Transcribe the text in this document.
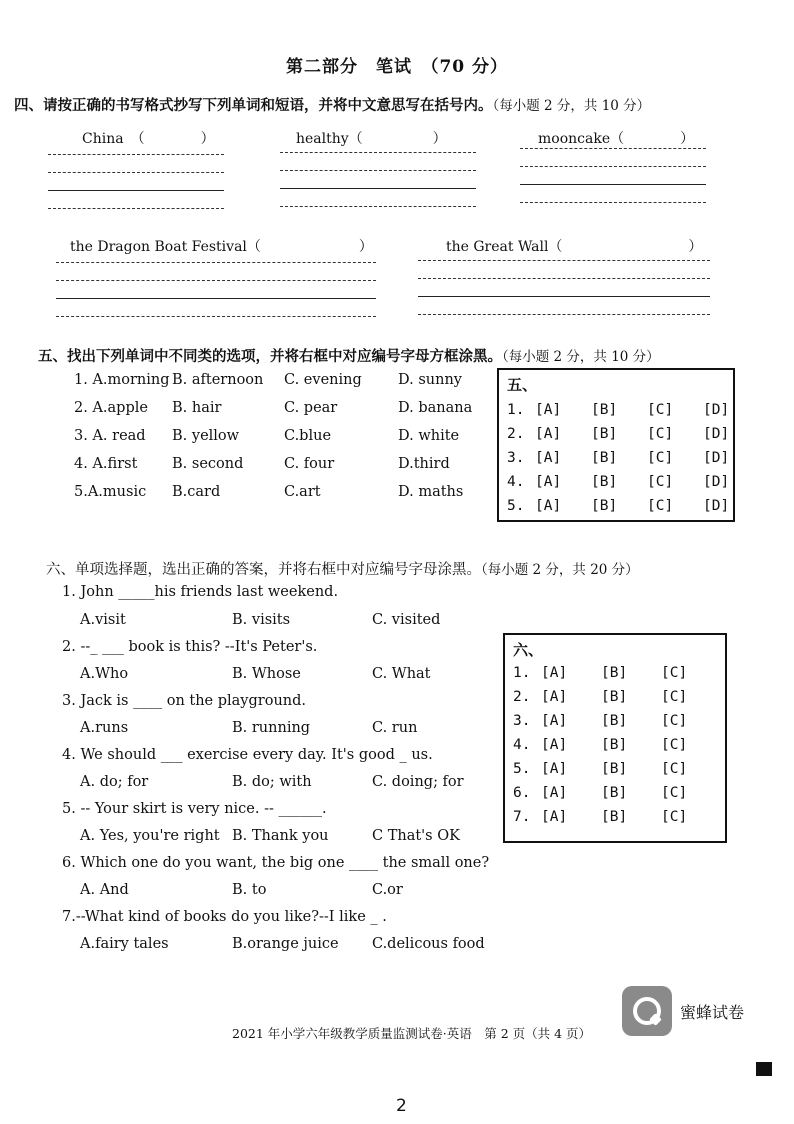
第二部分　笔试　（70 分）
四、请按正确的书写格式抄写下列单词和短语，并将中文意思写在括号内。（每小题 2 分，共 10 分）
China　（　　　　）	healthy（　　　　　）	mooncake（　　　　）
the Dragon Boat Festival（　　　　　　　）	the Great Wall（　　　　　　　　　）
五、找出下列单词中不同类的选项，并将右框中对应编号字母方框涂黑。（每小题 2 分，共 10 分）
1. A.morning B. afternoon C. evening	D. sunny
2. A.apple B. hair	C. pear	D. banana
3. A. read B. yellow	C.blue	D. white
4. A.first B. second	C. four	D.third
5.A.music B.card	C.art	D. maths
五、
1. [A] [B] [C] [D]
2. [A] [B] [C] [D]
3. [A] [B] [C] [D]
4. [A] [B] [C] [D]
5. [A] [B] [C] [D]
六、单项选择题，选出正确的答案，并将右框中对应编号字母涂黑。（每小题 2 分，共 20 分）
1. John _____his friends last weekend.
A.visit	B. visits	C. visited
2. --_ ___ book is this? --It's Peter's.
A.Who	B. Whose	C. What
3. Jack is ____ on the playground.
A.runs	B. running	C. run
4. We should ___ exercise every day. It's good _ us.
A. do; for	B. do; with	C. doing; for
5. -- Your skirt is very nice. -- ______.
A. Yes, you're right B. Thank you	C That's OK
6. Which one do you want, the big one ____ the small one?
A. And	B. to	C.or
7.--What kind of books do you like?--I like _ .
A.fairy tales	B.orange juice C.delicous food
六、
1. [A] [B] [C]
2. [A] [B] [C]
3. [A] [B] [C]
4. [A] [B] [C]
5. [A] [B] [C]
6. [A] [B] [C]
7. [A] [B] [C]
蜜蜂试卷
2021 年小学六年级教学质量监测试卷·英语　第 2 页（共 4 页）
2
